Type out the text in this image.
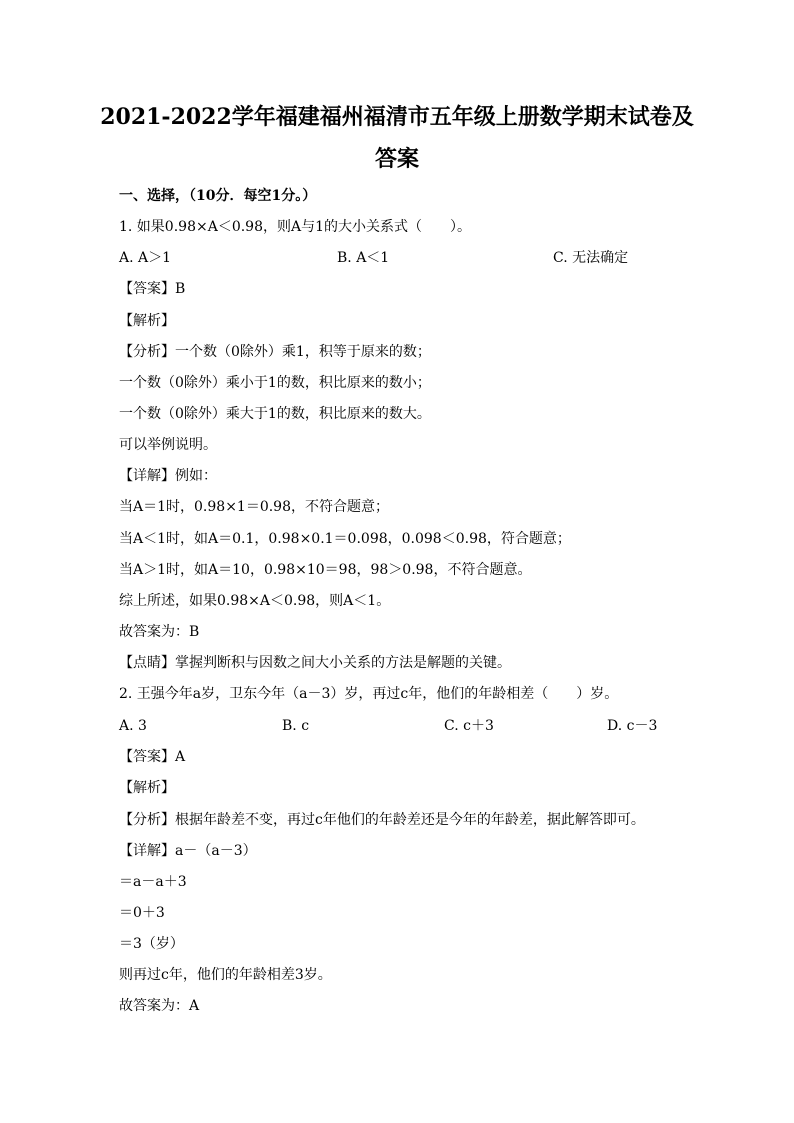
2021-2022学年福建福州福清市五年级上册数学期末试卷及
答案
一、选择，（10分．每空1分。）
1. 如果0.98×A＜0.98，则A与1的大小关系式（　　）。
A. A＞1	B. A＜1	C. 无法确定
【答案】B
【解析】
【分析】一个数（0除外）乘1，积等于原来的数；
一个数（0除外）乘小于1的数，积比原来的数小；
一个数（0除外）乘大于1的数，积比原来的数大。
可以举例说明。
【详解】例如：
当A＝1时，0.98×1＝0.98，不符合题意；
当A＜1时，如A＝0.1，0.98×0.1＝0.098，0.098＜0.98，符合题意；
当A＞1时，如A＝10，0.98×10＝98，98＞0.98，不符合题意。
综上所述，如果0.98×A＜0.98，则A＜1。
故答案为：B
【点睛】掌握判断积与因数之间大小关系的方法是解题的关键。
2. 王强今年a岁，卫东今年（a－3）岁，再过c年，他们的年龄相差（　　）岁。
A. 3	B. c	C. c＋3	D. c－3
【答案】A
【解析】
【分析】根据年龄差不变，再过c年他们的年龄差还是今年的年龄差，据此解答即可。
【详解】a－（a－3）
＝a－a＋3
＝0＋3
＝3（岁）
则再过c年，他们的年龄相差3岁。
故答案为：A
